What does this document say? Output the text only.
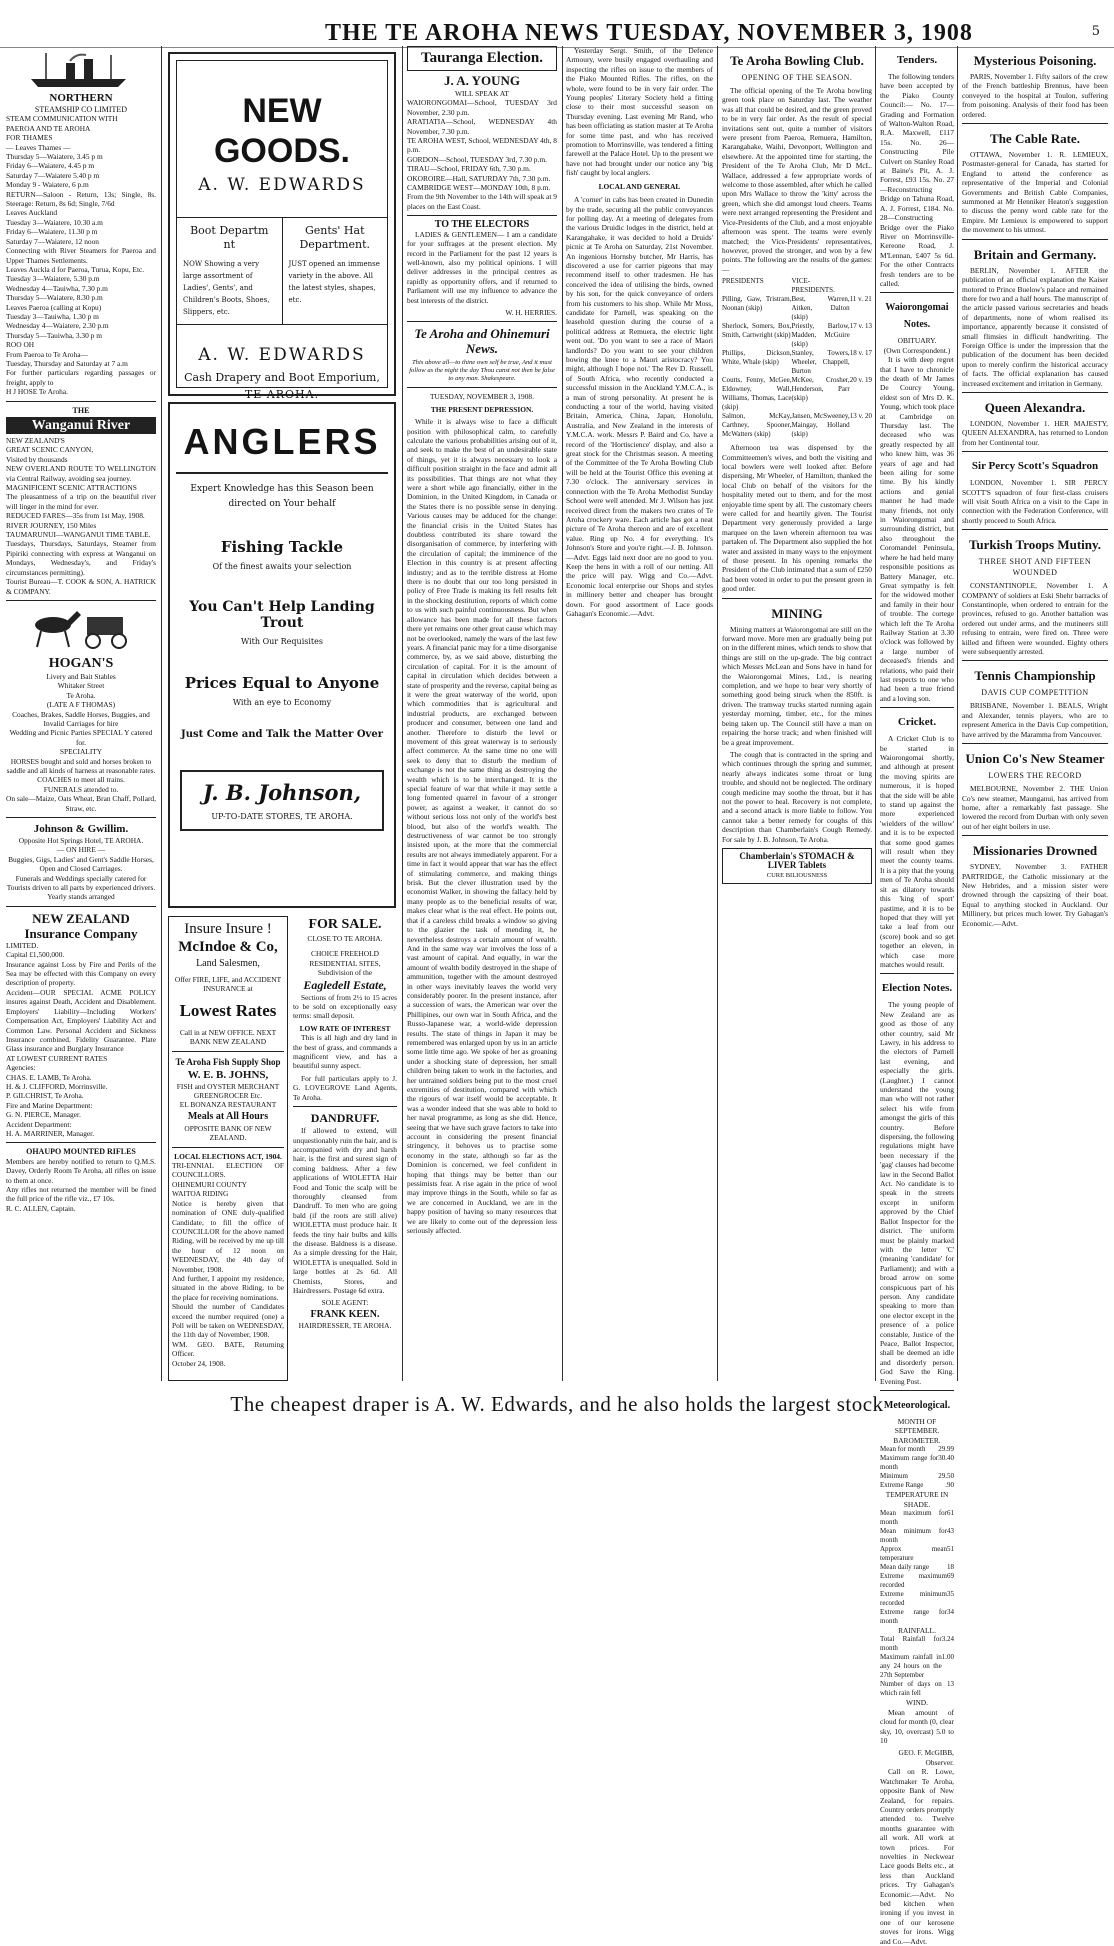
THE TE AROHA NEWS TUESDAY, NOVEMBER 3, 1908	5
NORTHERN
STEAMSHIP CO LIMITED
STEAM COMMUNICATION WITH
PAEROA AND TE AROHA
FOR THAMES
— Leaves Thames —
Thursday 5—Waiatere, 3.45 p m
Friday 6—Waiatere, 4.45 p m
Saturday 7—Waiatere 5.40 p m
Monday 9 - Waiatere, 6 p.m
RETURN—Saloon - Return, 13s; Single, 8s. Steerage: Return, 8s 6d; Single, 7/6d
Leaves Auckland
Tuesday 3—Waiatere, 10.30 a.m
Friday 6—Waiatere, 11.30 p m
Saturday 7—Waiatere, 12 noon
Connecting with River Steamers for Paeroa and Upper Thames Settlements.
Leaves Auckla d for Paeroa, Turua, Kopu, Etc.
Tuesday 3—Waiatere, 5.30 p.m
Wednesday 4—Tauiwha, 7.30 p.m
Thursday 5—Waiatere, 8.30 p.m
Leaves Paeroa (calling at Kopu)
Tuesday 3—Tauiwha, 1.30 p m
Wednesday 4—Waiatere, 2.30 p.m
Thursday 5—Tauiwha, 3.30 p m
ROO OH
From Paeroa to Te Aroha—
Tuesday, Thursday and Saturday at 7 a.m
For further particulars regarding passages or freight, apply to
H J HOSE Te Aroha.
THE
Wanganui River
NEW ZEALAND'S
GREAT SCENIC CANYON,
Visited by thousands
NEW OVERLAND ROUTE TO WELLINGTON via Central Railway, avoiding sea journey.
MAGNIFICENT SCENIC ATTRACTIONS
The pleasantness of a trip on the beautiful river will linger in the mind for ever.
REDUCED FARES—35s from 1st May, 1908.
RIVER JOURNEY, 150 Miles
TAUMARUNUI—WANGANUI TIME TABLE.
Tuesdays, Thursdays, Saturdays, Steamer from Pipiriki connecting with express at Wanganui on Mondays, Wednesday's, and Friday's circumstances permitting).
Tourist Bureau—T. COOK & SON, A. HATRICK & COMPANY.
HOGAN'S
Livery and Bait Stables
Whitaker Street
Te Aroha.
(LATE A F THOMAS)
Coaches, Brakes, Saddle Horses, Buggies, and Invalid Carriages for hire
Wedding and Picnic Parties SPECIAL Y catered for.
SPECIALITY
HORSES bought and sold and horses broken to saddle and all kinds of harness at reasonable rates.
COACHES to meet all trains.
FUNERALS attended to.
On sale—Maize, Oats Wheat, Bran Chaff, Pollard, Straw, etc.
Johnson & Gwillim.
Opposite Hot Springs Hotel, TE AROHA.
— ON HIRE —
Buggies, Gigs, Ladies' and Gent's Saddle Horses, Open and Closed Carriages.
Funerals and Weddings specially catered for
Tourists driven to all parts by experienced drivers.
Yearly stands arranged
NEW ZEALAND Insurance Company
LIMITED.
Capital £1,500,000.
Insurance against Loss by Fire and Perils of the Sea may be effected with this Company on every description of property.
Accident—OUR SPECIAL ACME POLICY insures against Death, Accident and Disablement. Employers' Liability—Including Workers' Compensation Act, Employers' Liability Act and Common Law. Personal Accident and Sickness Insurance combined. Fidelity Guarantee. Plate Glass insurance and Burglary Insurance
AT LOWEST CURRENT RATES
Agencies:
CHAS. E. LAMB, Te Aroha.
H. & J. CLIFFORD, Morrinsville.
P. GILCHRIST, Te Aroha.
Fire and Marine Department:
G. N. PIERCE, Manager.
Accident Department:
H. A. MARRINER, Manager.
OHAUPO MOUNTED RIFLES
Members are hereby notified to return to Q.M.S. Davey, Orderly Room Te Aroha, all rifles on issue to them at once.
Any rifles not returned the member will be fined the full price of the rifle viz., £7 10s.
R. C. ALLEN, Captain.
NEW GOODS.
A. W. EDWARDS
Boot Departm nt
NOW Showing a very large assortment of Ladies', Gents', and Children's Boots, Shoes, Slippers, etc.
Gents' Hat Department.
JUST opened an immense variety in the above. All the latest styles, shapes, etc.
A. W. EDWARDS
Cash Drapery and Boot Emporium,
TE AROHA.
ANGLERS
Expert Knowledge has this Season been directed on Your behalf
Fishing Tackle
Of the finest awaits your selection
You Can't Help Landing Trout
With Our Requisites
Prices Equal to Anyone
With an eye to Economy
Just Come and Talk the Matter Over
J. B. Johnson,
UP-TO-DATE STORES, TE AROHA.
Insure Insure !
McIndoe & Co,
Land Salesmen,
Offer FIRE, LIFE, and ACCIDENT INSURANCE at
Lowest Rates
Call in at NEW OFFICE. NEXT BANK NEW ZEALAND
Te Aroha Fish Supply Shop
W. E. B. JOHNS,
FISH and OYSTER MERCHANT
GREENGROCER Etc.
EL BONANZA RESTAURANT
Meals at All Hours
OPPOSITE BANK OF NEW ZEALAND.
LOCAL ELECTIONS ACT, 1904.
TRI-ENNIAL ELECTION OF COUNCILLORS.
OHINEMURI COUNTY
WAITOA RIDING
Notice is hereby given that nomination of ONE duly-qualified Candidate, to fill the office of COUNCILLOR for the above named Riding, will be received by me up till the hour of 12 noon on WEDNESDAY, the 4th day of November, 1908.
And further, I appoint my residence, situated in the above Riding, to be the place for receiving nominations.
Should the number of Candidates exceed the number required (one) a Poll will be taken on WEDNESDAY, the 11th day of November, 1908.
WM. GEO. BATE, Returning Officer.
October 24, 1908.
FOR SALE.
CLOSE TO TE AROHA.
CHOICE FREEHOLD RESIDENTIAL SITES,
Subdivision of the
Eagledell Estate,

Sections of from 2½ to 15 acres to be sold on exceptionally easy terms: small deposit.

LOW RATE OF INTEREST

This is all high and dry land in the best of grass, and commands a magnificent view, and has a beautiful sunny aspect.

For full particulars apply to J. G. LOVEGROVE Land Agents, Te Aroha.

DANDRUFF.

If allowed to extend, will unquestionably ruin the hair, and is accompanied with dry and harsh hair, is the first and surest sign of coming baldness. After a few applications of WIOLETTA Hair Food and Tonic the scalp will be thoroughly cleansed from Dandruff. To men who are going bald (if the roots are still alive) WIOLETTA must produce hair. It feeds the tiny hair bulbs and kills the disease. Baldness is a disease. As a simple dressing for the Hair, WIOLETTA is unequalled. Sold in large bottles at 2s 6d. All Chemists, Stores, and Hairdressers. Postage 6d extra.

SOLE AGENT:
FRANK KEEN.
HAIRDRESSER, TE AROHA.
Tauranga Election.
J. A. YOUNG
WILL SPEAK AT
WAIORONGOMAI—School, TUESDAY 3rd November, 2.30 p.m.
ARATIATIA—School, WEDNESDAY 4th November, 7.30 p.m.
TE AROHA WEST, School, WEDNESDAY 4th, 8 p.m.
GORDON—School, TUESDAY 3rd, 7.30 p.m.
TIRAU—School, FRIDAY 6th, 7.30 p.m.
OKOROIRE—Hall, SATURDAY 7th, 7.30 p.m.
CAMBRIDGE WEST—MONDAY 10th, 8 p.m.
From the 9th November to the 14th will speak at 9 places on the East Coast.
TO THE ELECTORS

LADIES & GENTLEMEN— I am a candidate for your suffrages at the present election. My record in the Parliament for the past 12 years is well-known, also my political opinions. I will deliver addresses in the principal centres as rapidly as opportunity offers, and if returned to Parliament will use my influence to advance the best interests of the district.

W. H. HERRIES.
Te Aroha and Ohinemuri News.
This above all—to thine own self be true, And it must follow as the night the day Thou canst not then be false to any man. Shakespeare.
TUESDAY, NOVEMBER 3, 1908.
THE PRESENT DEPRESSION.

While it is always wise to face a difficult position with philosophical calm, to carefully calculate the various probabilities arising out of it, and seek to make the best of an undesirable state of things, yet it is always necessary to look a difficult position straight in the face and admit all its possibilities. That things are not what they were a short while ago financially, either in the Dominion, in the United Kingdom, in Canada or the States there is no possible sense in denying. Various causes may be adduced for the change: the financial crisis in the United States has doubtless contributed its share toward the disorganisation of commerce, by interfering with the circulation of capital; the imminence of the Election in this country is at present affecting industry; and as to the terrible distress at Home there is no doubt that our too long persisted in policy of Free Trade is making its fell results felt in the shocking destitution, reports of which come to us with such painful continuousness. But when allowance has been made for all these factors there yet remains one other great cause which may not be overlooked, namely the wars of the last few years. A financial panic may for a time disorganise commerce, by, as we said above, disturbing the circulation of capital. For it is the amount of capital in circulation which decides between a state of prosperity and the reverse, capital being as it were the great waterway of the world, upon which commodities that is agricultural and industrial products, are exchanged between producer and consumer, between one land and another. Therefore to disturb the level or movement of this great waterway is to seriously affect commerce. At the same time no one will seek to deny that to disturb the medium of exchange is not the same thing as destroying the wealth which is to be interchanged. It is the special feature of war that while it may settle a long fomented quarrel in favour of a stronger power, as against a weaker, it cannot do so without serious loss not only of the world's best blood, but also of the world's wealth. The destructiveness of war cannot be too strongly insisted upon, at the more that the commercial results are not always immediately apparent. For a time in fact it would appear that war has the effect of stimulating commerce, and making things brisk. But the clever illustration used by the economist Walker, in showing the fallacy held by many people as to the beneficial results of war, makes clear what is the real effect. He points out, that if a careless child breaks a window so giving to the glazier the task of mending it, he nevertheless destroys a certain amount of wealth. And in the same way war involves the loss of a vast amount of capital. And equally, in war the amount of wealth bodily destroyed in the shape of ammunition, together with the amount destroyed in other ways inevitably leaves the world very considerably poorer. In the present instance, after a succession of wars, the American war over the Phillipines, our own war in South Africa, and the Russo-Japanese war, a world-wide depression results. The state of things in Japan it may be remembered was enlarged upon by us in an article some little time ago. We spoke of her as groaning under a shocking state of depression, her small children being taken to work in the factories, and her untrained soldiers being put to the most cruel extremities of destitution, compared with which the rigours of war itself would be acceptable. It was a wonder indeed that she was able to hold to her naval programme, as long as she did. Hence, seeing that we have such grave factors to take into account in considering the present financial stringency, it behoves us to practise some economy in the state, although so far as the Dominion is concerned, we feel confident in hoping that things may be better than our pessimists fear. A rise again in the price of wool may improve things in the South, while so far as we are concerned in Auckland, we are in the happy position of having so many resources that we are likely to come out of the depression less seriously affected.

Yesterday Sergt. Smith, of the Defence Armoury, were busily engaged overhauling and inspecting the rifles on issue to the members of the Piako Mounted Rifles. The rifles, on the whole, were found to be in very fair order. The Young peoples' Literary Society held a fitting close to their most successful season on Thursday evening. Last evening Mr Rand, who has been officiating as station master at Te Aroha for some time past, and who has received promotion to Morrinsville, was tendered a fitting farewell at the Palace Hotel. Up to the present we have not had brought under our notice any 'big fish' caught by local anglers.

LOCAL AND GENERAL

A 'corner' in cabs has been created in Dunedin by the trade, securing all the public conveyances for polling day. At a meeting of delegates from the various Druidic lodges in the district, held at Karangahake, it was decided to hold a Druids' picnic at Te Aroha on Saturday, 21st November. An ingenious Hornsby butcher, Mr Harris, has discovered a use for carrier pigeons that may recommend itself to other tradesmen. He has conceived the idea of utilising the birds, owned by his son, for the quick conveyance of orders from his customers to his shop. While Mr Moss, candidate for Parnell, was speaking on the leasehold question during the course of a political address at Remuera, the electric light went out. 'Do you want to see a race of Maori landlords? Do you want to see your children bowing the knee to a Maori aristocracy? You might, although I hope not.' The Rev D. Russell, of South Africa, who recently conducted a successful mission in the Auckland Y.M.C.A., is a man of strong personality. At present he is conducting a tour of the world, having visited Britain, America, China, Japan, Honolulu, Australia, and New Zealand in the interests of Y.M.C.A. work. Messrs P. Baird and Co. have a record of the 'Hortiscience' display, and also a great stock for the Christmas season. A meeting of the Committee of the Te Aroha Bowling Club will be held at the Tourist Office this evening at 7.30 o'clock. The anniversary services in connection with the Te Aroha Methodist Sunday School were well attended. Mr J. Wilson has just received direct from the makers two crates of Te Aroha crockery ware. Each article has got a neat picture of Te Aroha thereon and are of excellent value. Ring up No. 4 for everything. It's Johnson's Store and you're right.—J. B. Johnson.—Advt. Eggs laid next door are no good to you. Keep the hens in with a roll of our netting. All the price will pay. Wigg and Co.—Advt. Economic local enterprise our Shops and styles in millinery better and cheaper has brought down. For good assortment of Lace goods Gahagan's Economic.—Advt.

Te Aroha Bowling Club.
OPENING OF THE SEASON.

The official opening of the Te Aroha bowling green took place on Saturday last. The weather was all that could be desired, and the green proved to be in very fair order. As the result of special invitations sent out, quite a number of visitors were present from Paeroa, Remuera, Hamilton, Karangahake, Waihi, Devonport, Wellington and elsewhere. At the appointed time for starting, the President of the Te Aroha Club, Mr D McL. Wallace, addressed a few appropriate words of welcome to those assembled, after which he called upon Mrs Wallace to throw the 'kitty' across the green, which she did amongst loud cheers. Teams were next arranged representing the President and Vice-Presidents of the Club, and a most enjoyable afternoon was spent. The teams were evenly matched; the Vice-Presidents' representatives, however, proved the stronger, and won by a few points. The following are the results of the games:—

PRESIDENTS	VICE-PRESIDENTS.	
Pilling, Gaw, Tristram, Noonan (skip)	Best, Warren, Aitken, Dalton (skip)	11 v. 21
Sherlock, Somers, Box, Smith, Cartwright (skip)	Priestly, Barlow, Madden, McGuire (skip)	17 v. 13
Phillips, Dickson, White, Whale (skip)	Stanley, Towers, Wheeler, Chappell, Burton	18 v. 17
Coutts, Fenny, McGee, Eldowney, Wall, Williams, Thomas, Lace (skip)	McKee, Crosher, Henderson, Parr (skip)	20 v. 19
Salmon, McKay, Carthney, Spooner, McWatters (skip)	Jansen, McSweeney, Maingay, Holland (skip)	13 v. 20

Afternoon tea was dispensed by the Committeemen's wives, and both the visiting and local bowlers were well looked after. Before dispersing, Mr Wheeler, of Hamilton, thanked the local Club on behalf of the visitors for the hospitality meted out to them, and for the most enjoyable time spent by all. The customary cheers were called for and heartily given. The Tourist Department very generously provided a large marquee on the lawn wherein afternoon tea was partaken of. The Department also supplied the hot water and assisted in many ways to the enjoyment of those present. In his opening remarks the President of the Club intimated that a sum of £250 had been voted in order to put the present green in good order.

MINING

Mining matters at Waiorongomai are still on the forward move. More men are gradually being put on in the different mines, which tends to show that things are still on the up-grade. The big contract which Messrs McLean and Sons have in hand for the Waiorongomai Mines, Ltd., is nearing completion, and we hope to hear very shortly of something good being struck when the 850ft. is driven. The tramway trucks started running again yesterday morning, timber, etc., for the mines being taken up. The Council still have a man on repairing the horse track; and when finished will be a great improvement.

The cough that is contracted in the spring and which continues through the spring and summer, nearly always indicates some throat or lung trouble, and should not be neglected. The ordinary cough medicine may soothe the throat, but it has not the power to heal. Recovery is not complete, and a second attack is more liable to follow. You cannot take a better remedy for coughs of this description than Chamberlain's Cough Remedy. For sale by J. B. Johnson, Te Aroha.

Chamberlain's STOMACH & LIVER Tablets
CURE BILIOUSNESS
Tenders.

The following tenders have been accepted by the Piako County Council:— No. 17—Grading and Formation of Walton-Walton Road, R.A. Maxwell, £117 15s. No. 26—Constructing Pile Culvert on Stanley Road at Baine's Pit, A. J. Forrest, £93 15s. No. 27—Reconstructing Bridge on Tahuna Road, A. J. Forrest, £184. No. 28—Constructing Bridge over the Piako River on Morrinsville-Kereone Road, J. M'Lennan, £407 5s 6d. For the other Contracts fresh tenders are to be called.

Waiorongomai Notes.
OBITUARY.
(Own Correspondent.)

It is with deep regret that I have to chronicle the death of Mr James De Courcy Young, eldest son of Mrs D. K. Young, which took place at Cambridge on Thursday last. The deceased who was greatly respected by all who knew him, was 36 years of age and had been ailing for some time. By his kindly actions and genial manner he had made many friends, not only in Waiorongomai and surrounding district, but also throughout the Coromandel Peninsula, where he had held many responsible positions as Battery Manager, etc. Great sympathy is felt for the widowed mother and family in their hour of trouble. The cortege which left the Te Aroha Railway Station at 3.30 o'clock was followed by a large number of deceased's friends and relations, who paid their last respects to one who had been a true friend and a loving son.

Cricket.

A Cricket Club is to be started in Waiorongomai shortly, and although at present the moving spirits are numerous, it is hoped that the side will be able to stand up against the more experienced 'wielders of the willow' and it is to be expected that some good games will result when they meet the county teams. It is a pity that the young men of Te Aroha should sit as dilatory towards this 'king of sport' pastime, and it is to be hoped that they will yet take a leaf from our (score) book and so get together an eleven, in which case more matches would result.

Election Notes.

The young people of New Zealand are as good as those of any other country, said Mr Lawry, in his address to the electors of Parnell last evening, and especially the girls. (Laughter.) I cannot understand the young man who will not rather select his wife from amongst the girls of this country. Before dispersing, the following regulations might have been necessary if the 'gag' clauses had become law in the Second Ballot Act. No candidate is to speak in the streets except in uniform approved by the Chief Ballot Inspector for the district. The uniform must be plainly marked with the letter 'C' (meaning 'candidate' for Parliament); and with a broad arrow on some conspicuous part of his person. Any candidate speaking to more than one elector except in the presence of a police constable, Justice of the Peace, Ballot Inspector, shall be deemed an idle and disorderly person. God Save the King. Evening Post.

Meteorological.
MONTH OF SEPTEMBER.
BAROMETER.
Mean for month	29.99
Maximum range for month	30.40
Minimum	29.50
Extreme Range	.90
TEMPERATURE IN SHADE.
Mean maximum for month	61
Mean minimum for month	43
Approx mean temperature	51
Mean daily range	18
Extreme maximum recorded	69
Extreme minimum recorded	35
Extreme range for month	34
RAINFALL.
Total Rainfall for month	3.24
Maximum rainfall in any 24 hours on the 27th September	1.00
Number of days on which rain fell	13
WIND.

Mean amount of cloud for month (0, clear sky, 10, overcast) 5.0 to 10

GEO. F. McGIBB, Observer.

Call on R. Lowe, Watchmaker Te Aroha, opposite Bank of New Zealand, for repairs. Country orders promptly attended to. Twelve months guarantee with all work. All work at town prices. For novelties in Neckwear Lace goods Belts etc., at less than Auckland prices. Try Gahagan's Economic.—Advt. No bed kitchen when ironing if you invest in one of our kerosene stoves for irons. Wigg and Co.—Advt.

Mysterious Poisoning.

PARIS, November 1. Fifty sailors of the crew of the French battleship Brennus, have been conveyed to the hospital at Toulon, suffering from poisoning. Analysis of their food has been ordered.

The Cable Rate.

OTTAWA, November 1. R. LEMIEUX, Postmaster-general for Canada, has started for England to attend the conference as representative of the Imperial and Colonial Governments and British Cable Companies, summoned at Mr Henniker Heaton's suggestion to discuss the penny word cable rate for the Empire. Mr Lemieux is empowered to support the movement to his utmost.

Britain and Germany.

BERLIN, November 1. AFTER the publication of an official explanation the Kaiser motored to Prince Buelow's palace and remained there for two and a half hours. The manuscript of the article passed various secretaries and heads of departments, none of whom realised its importance, apparently because it consisted of small flimsies in difficult handwriting. The Foreign Office is under the impression that the publication of the document has been decided upon to merely confirm the historical accuracy of facts. The official explanation has caused increased excitement and irritation in Germany.

Queen Alexandra.

LONDON, November 1. HER MAJESTY, QUEEN ALEXANDRA, has returned to London from her Continental tour.

Sir Percy Scott's Squadron

LONDON, November 1. SIR PERCY SCOTT'S squadron of four first-class cruisers will visit South Africa on a visit to the Cape in connection with the Federation Conference, will shortly proceed to South Africa.

Turkish Troops Mutiny.
THREE SHOT AND FIFTEEN WOUNDED

CONSTANTINOPLE, November 1. A COMPANY of soldiers at Eski Shehr barracks of Constantinople, when ordered to entrain for the provinces, refused to go. Another battalion was ordered out under arms, and the mutineers still refusing to entrain, were fired on. Three were killed and fifteen were wounded. Eighty others were subsequently arrested.

Tennis Championship
DAVIS CUP COMPETITION

BRISBANE, November 1. BEALS, Wright and Alexander, tennis players, who are to represent America in the Davis Cup competition, have arrived by the Maramma from Vancouver.

Union Co's New Steamer
LOWERS THE RECORD

MELBOURNE, November 2. THE Union Co's new steamer, Maunganui, has arrived from home, after a remarkably fast passage. She lowered the record from Durban with only seven out of her eight boilers in use.

Missionaries Drowned

SYDNEY, November 3. FATHER PARTRIDGE, the Catholic missionary at the New Hebrides, and a mission sister were drowned through the capsizing of their boat. Equal to anything stocked in Auckland. Our Millinery, but prices much lower. Try Gahagan's Economic.—Advt.

The cheapest draper is A. W. Edwards, and he also holds the largest stock
